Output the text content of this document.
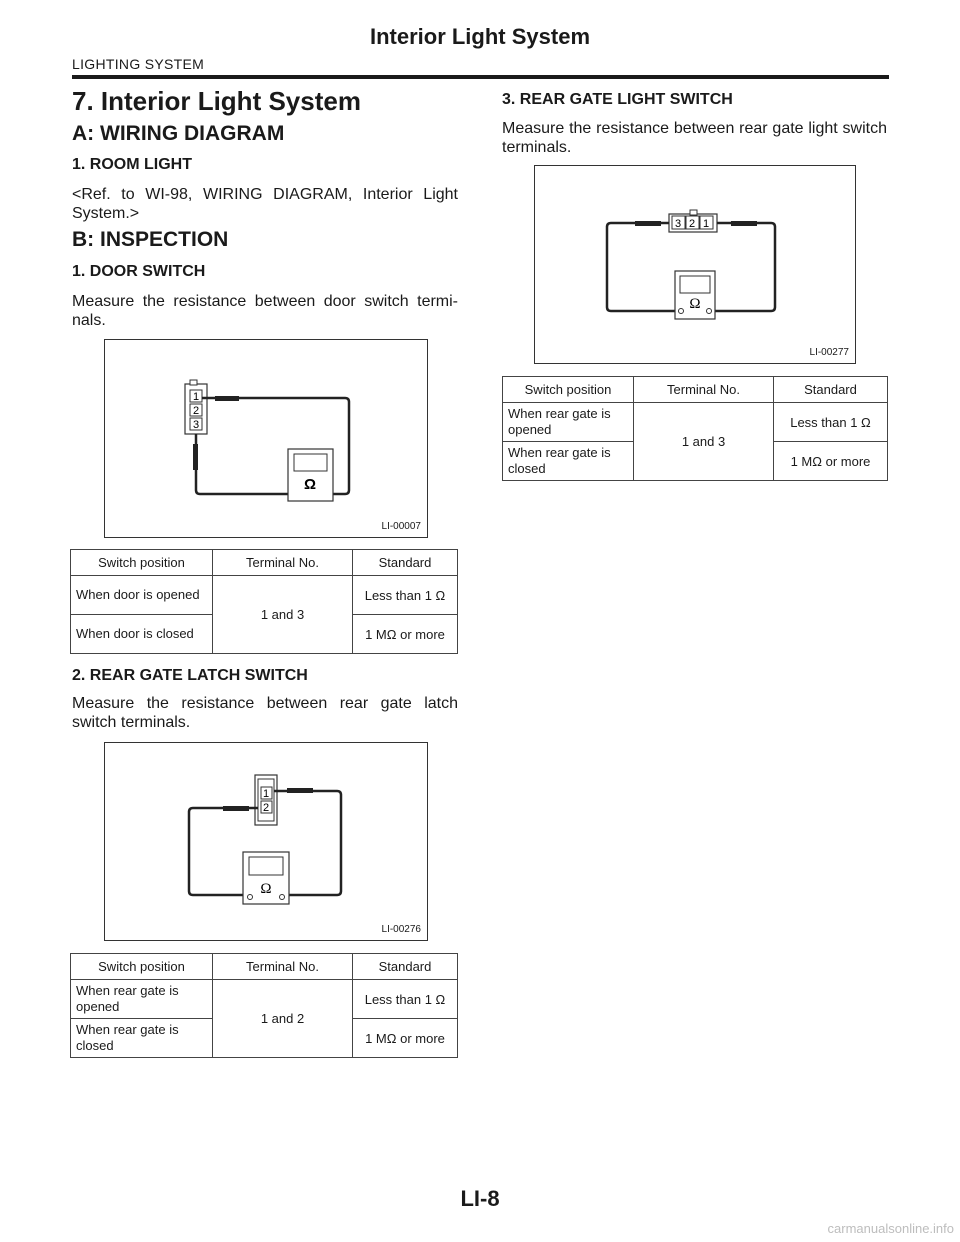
Interior Light System
LIGHTING SYSTEM
7. Interior Light System
A: WIRING DIAGRAM
1. ROOM LIGHT

<Ref. to WI-98, WIRING DIAGRAM, Interior Light System.>

B: INSPECTION
1. DOOR SWITCH

Measure the resistance between door switch termi-nals.

1
2
3
Ω
LI-00007
Switch position	Terminal No.	Standard
When door is opened	1 and 3	Less than 1 Ω
When door is closed		1 MΩ or more
2. REAR GATE LATCH SWITCH

Measure the resistance between rear gate latch switch terminals.

1
2
Ω
LI-00276
Switch position	Terminal No.	Standard
When rear gate is opened	1 and 2	Less than 1 Ω
When rear gate is closed		1 MΩ or more
3. REAR GATE LIGHT SWITCH

Measure the resistance between rear gate light switch terminals.

3 2 1
Ω
LI-00277
Switch position	Terminal No.	Standard
When rear gate is opened	1 and 3	Less than 1 Ω
When rear gate is closed		1 MΩ or more
LI-8
carmanualsonline.info
